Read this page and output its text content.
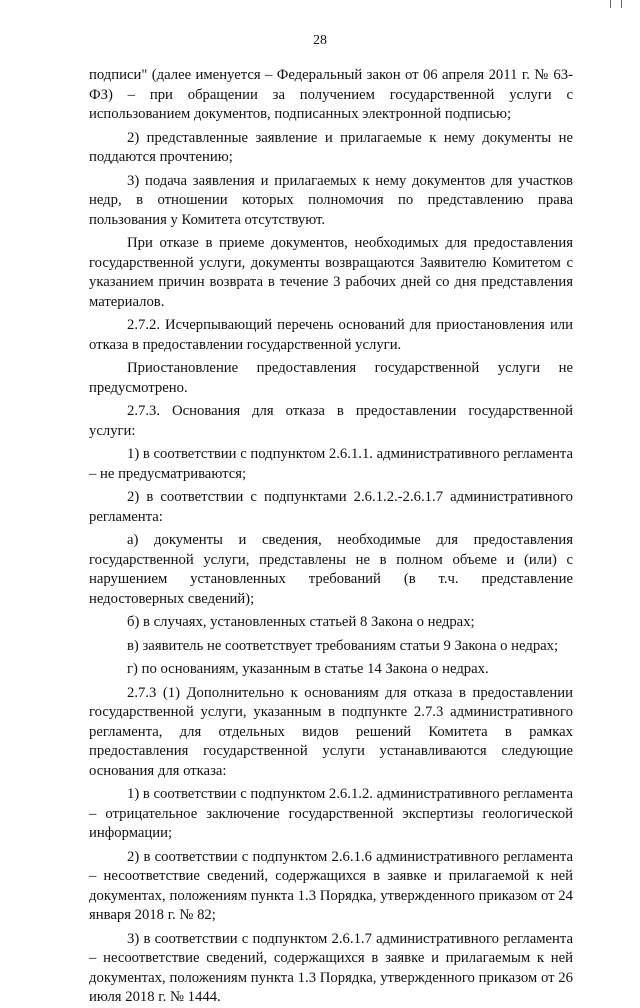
28

подписи" (далее именуется – Федеральный закон от 06 апреля 2011 г. № 63-ФЗ) – при обращении за получением государственной услуги с использованием документов, подписанных электронной подписью;

2) представленные заявление и прилагаемые к нему документы не поддаются прочтению;

3) подача заявления и прилагаемых к нему документов для участков недр, в отношении которых полномочия по представлению права пользования у Комитета отсутствуют.

При отказе в приеме документов, необходимых для предоставления государственной услуги, документы возвращаются Заявителю Комитетом с указанием причин возврата в течение 3 рабочих дней со дня представления материалов.

2.7.2. Исчерпывающий перечень оснований для приостановления или отказа в предоставлении государственной услуги.

Приостановление предоставления государственной услуги не предусмотрено.

2.7.3. Основания для отказа в предоставлении государственной услуги:

1) в соответствии с подпунктом 2.6.1.1. административного регламента – не предусматриваются;

2) в соответствии с подпунктами 2.6.1.2.-2.6.1.7 административного регламента:

а) документы и сведения, необходимые для предоставления государственной услуги, представлены не в полном объеме и (или) с нарушением установленных требований (в т.ч. представление недостоверных сведений);

б) в случаях, установленных статьей 8 Закона о недрах;

в) заявитель не соответствует требованиям статьи 9 Закона о недрах;

г) по основаниям, указанным в статье 14 Закона о недрах.

2.7.3 (1) Дополнительно к основаниям для отказа в предоставлении государственной услуги, указанным в подпункте 2.7.3 административного регламента, для отдельных видов решений Комитета в рамках предоставления государственной услуги устанавливаются следующие основания для отказа:

1) в соответствии с подпунктом 2.6.1.2. административного регламента – отрицательное заключение государственной экспертизы геологической информации;

2) в соответствии с подпунктом 2.6.1.6 административного регламента – несоответствие сведений, содержащихся в заявке и прилагаемой к ней документах, положениям пункта 1.3 Порядка, утвержденного приказом от 24 января 2018 г. № 82;

3) в соответствии с подпунктом 2.6.1.7 административного регламента – несоответствие сведений, содержащихся в заявке и прилагаемым к ней документах, положениям пункта 1.3 Порядка, утвержденного приказом от 26 июля 2018 г. № 1444.
